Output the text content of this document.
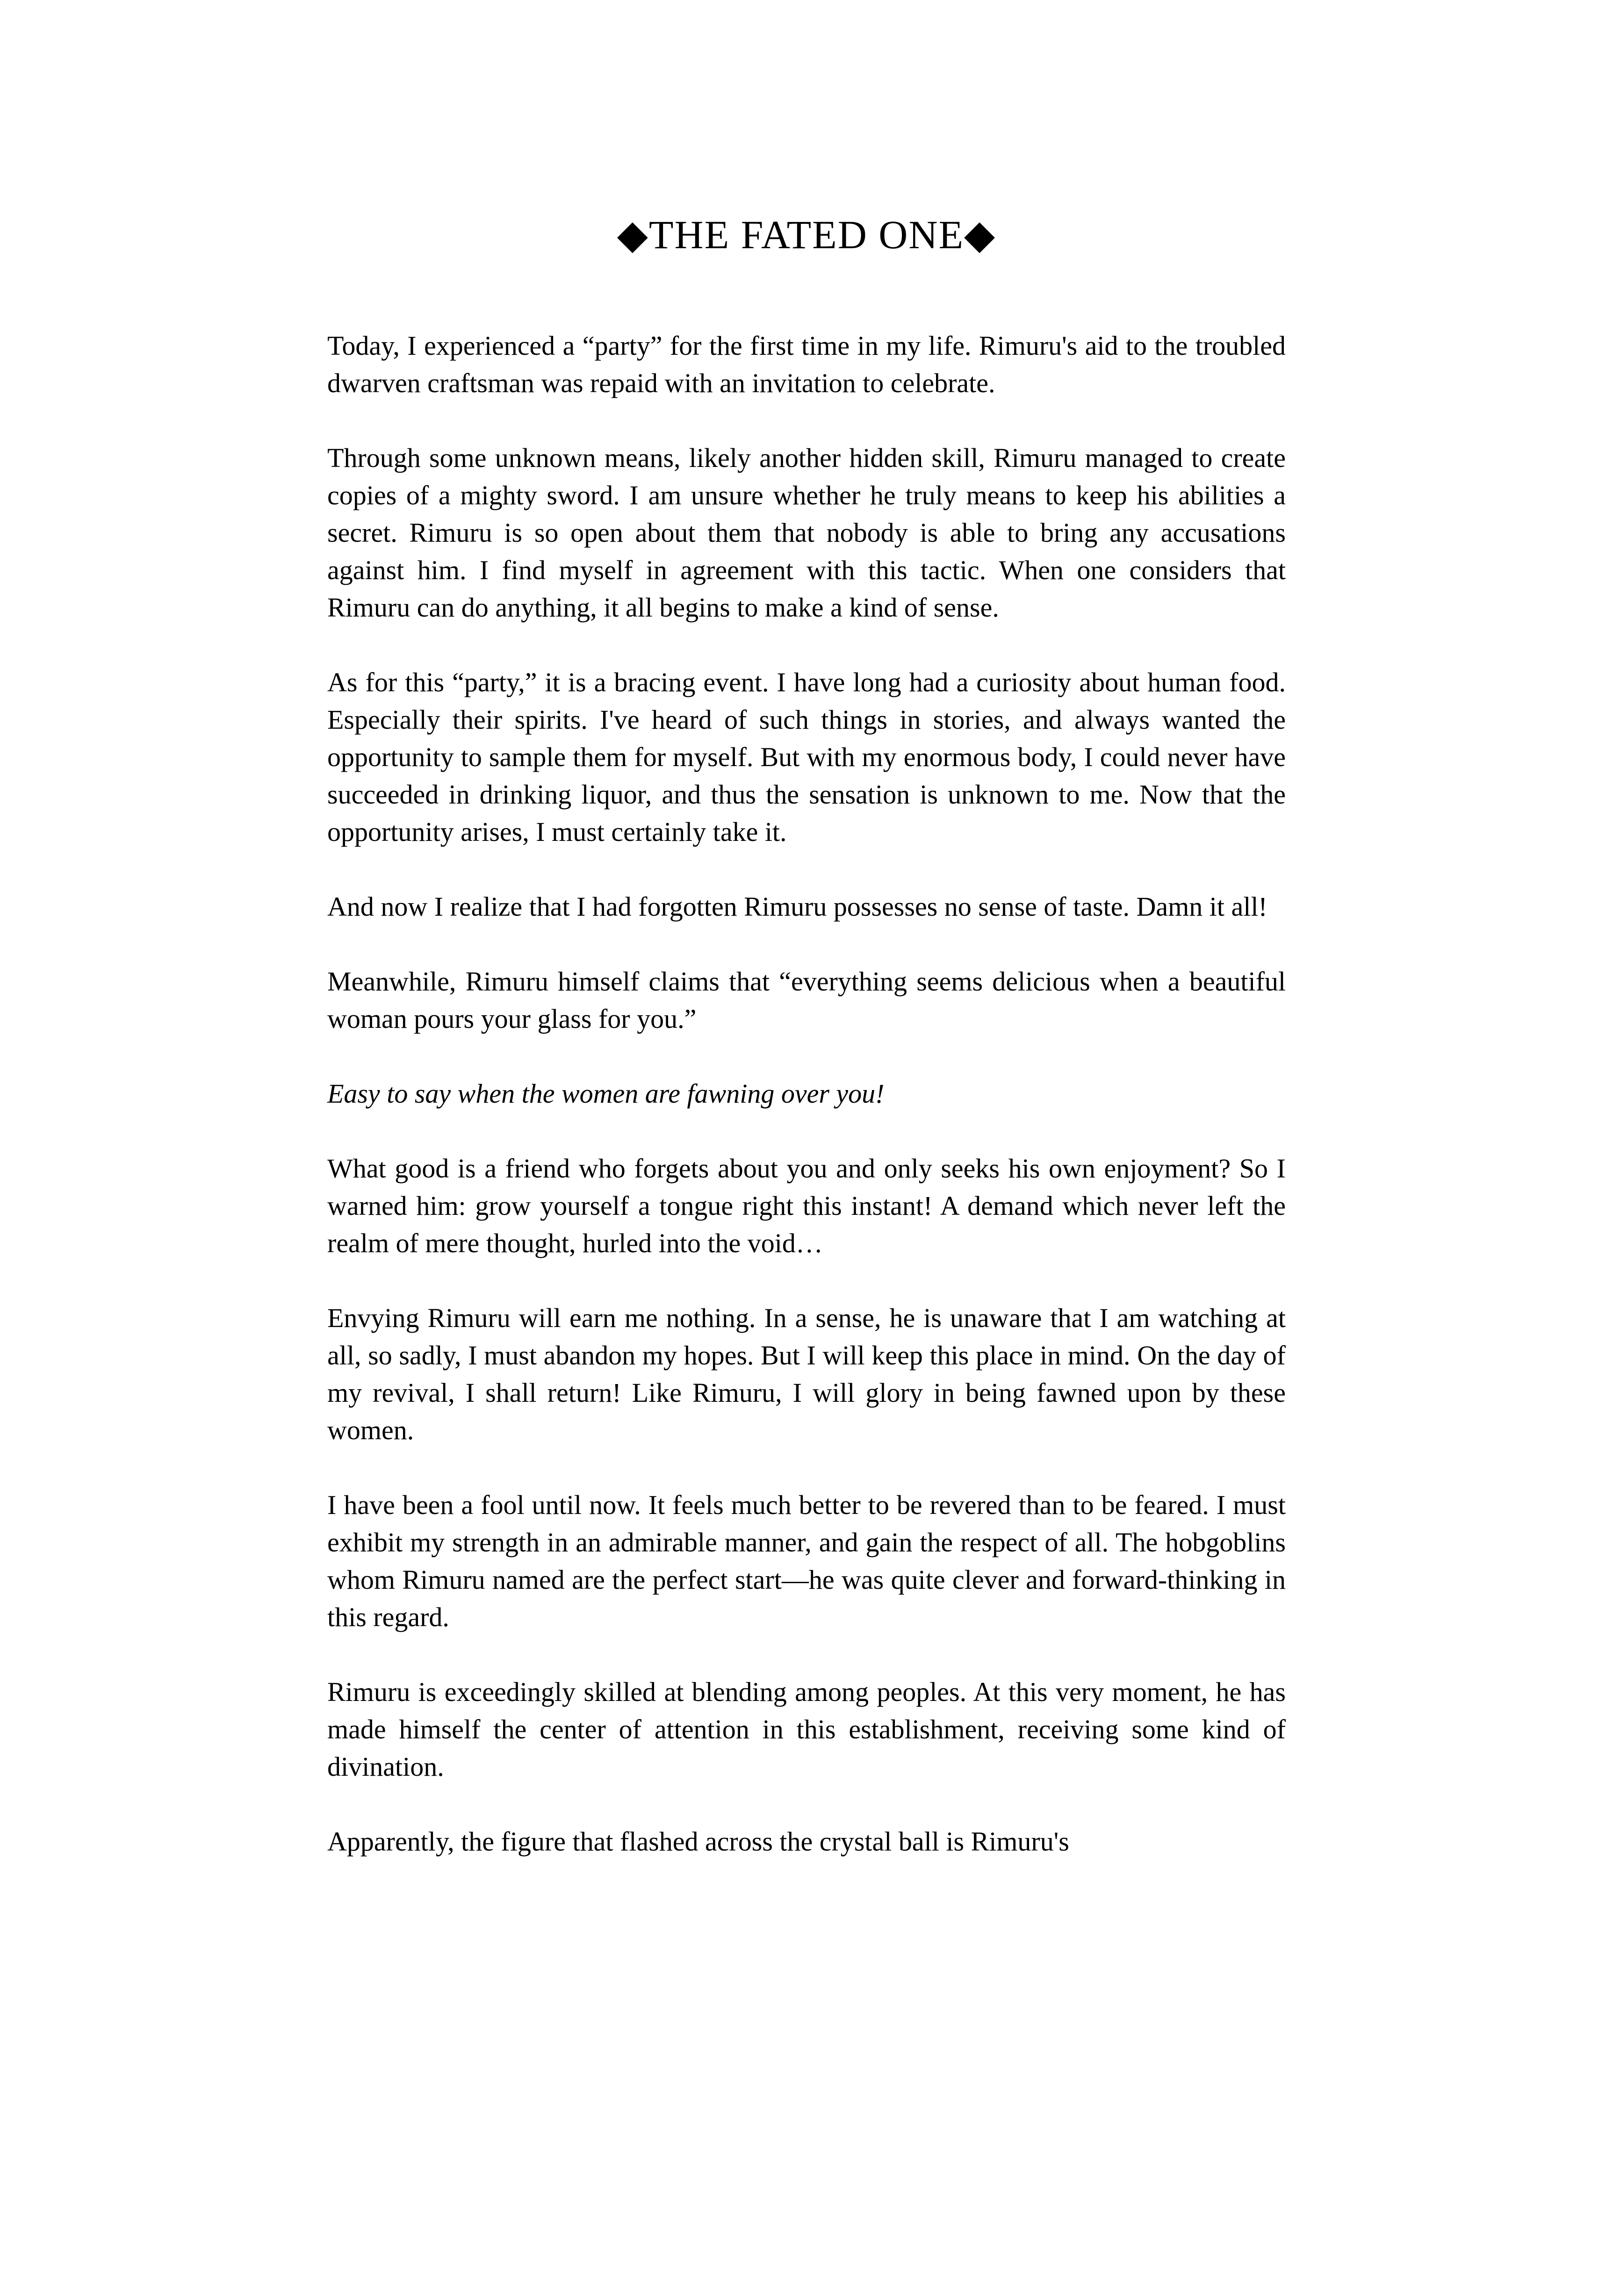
◆THE FATED ONE◆

Today, I experienced a “party” for the first time in my life. Rimuru's aid to the troubled dwarven craftsman was repaid with an invitation to celebrate.

Through some unknown means, likely another hidden skill, Rimuru managed to create copies of a mighty sword. I am unsure whether he truly means to keep his abilities a secret. Rimuru is so open about them that nobody is able to bring any accusations against him. I find myself in agreement with this tactic. When one considers that Rimuru can do anything, it all begins to make a kind of sense.

As for this “party,” it is a bracing event. I have long had a curiosity about human food. Especially their spirits. I've heard of such things in stories, and always wanted the opportunity to sample them for myself. But with my enormous body, I could never have succeeded in drinking liquor, and thus the sensation is unknown to me. Now that the opportunity arises, I must certainly take it.

And now I realize that I had forgotten Rimuru possesses no sense of taste. Damn it all!

Meanwhile, Rimuru himself claims that “everything seems delicious when a beautiful woman pours your glass for you.”

Easy to say when the women are fawning over you!

What good is a friend who forgets about you and only seeks his own enjoyment? So I warned him: grow yourself a tongue right this instant! A demand which never left the realm of mere thought, hurled into the void…

Envying Rimuru will earn me nothing. In a sense, he is unaware that I am watching at all, so sadly, I must abandon my hopes. But I will keep this place in mind. On the day of my revival, I shall return! Like Rimuru, I will glory in being fawned upon by these women.

I have been a fool until now. It feels much better to be revered than to be feared. I must exhibit my strength in an admirable manner, and gain the respect of all. The hobgoblins whom Rimuru named are the perfect start—he was quite clever and forward-thinking in this regard.

Rimuru is exceedingly skilled at blending among peoples. At this very moment, he has made himself the center of attention in this establishment, receiving some kind of divination.

Apparently, the figure that flashed across the crystal ball is Rimuru's
